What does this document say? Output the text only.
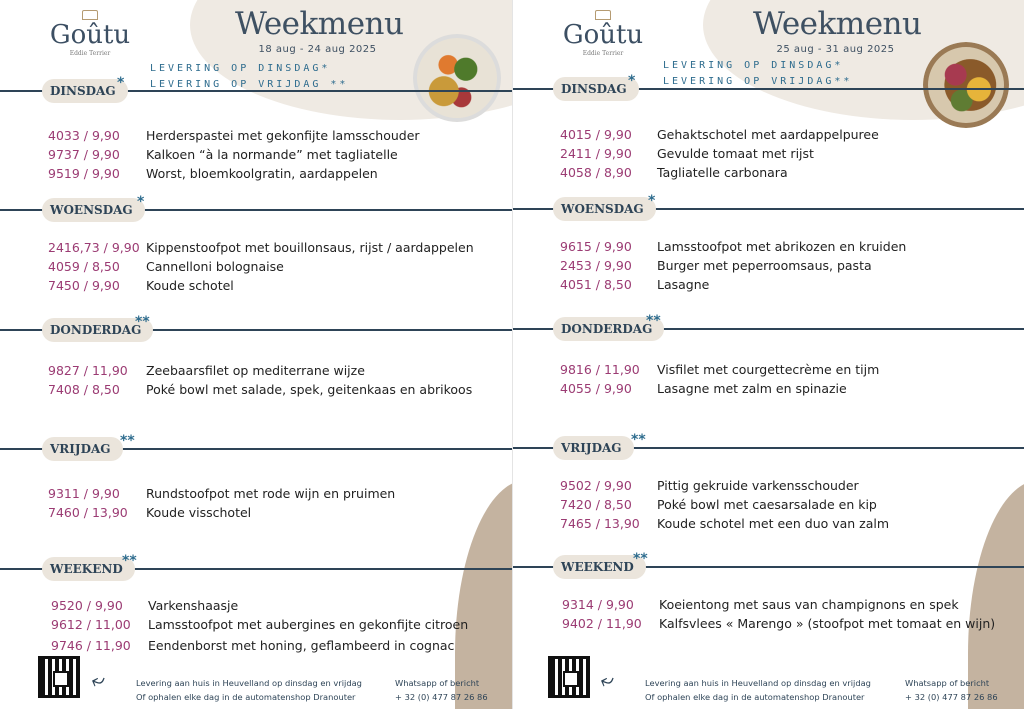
Goûtu
Eddie Terrier
Weekmenu
18 aug - 24 aug 2025
LEVERING OP DINSDAG*
LEVERING OP VRIJDAG **
DINSDAG *
4033 / 9,90 Herderspastei met gekonfijte lamsschouder
9737 / 9,90 Kalkoen “à la normande” met tagliatelle
9519 / 9,90 Worst, bloemkoolgratin, aardappelen
WOENSDAG *
2416,73 / 9,90 Kippenstoofpot met bouillonsaus, rijst / aardappelen
4059 / 8,50 Cannelloni bolognaise
7450 / 9,90 Koude schotel
DONDERDAG
**
9827 / 11,90 Zeebaarsfilet op mediterrane wijze
7408 / 8,50 Poké bowl met salade, spek, geitenkaas en abrikoos
VRIJDAG **
9311 / 9,90 Rundstoofpot met rode wijn en pruimen
7460 / 13,90 Koude visschotel
WEEKEND **
9520 / 9,90 Varkenshaasje
9612 / 11,00 Lamsstoofpot met aubergines en gekonfijte citroen
9746 / 11,90 Eendenborst met honing, geflambeerd in cognac
⤶	Levering aan huis in Heuvelland op dinsdag en vrijdag
Of ophalen elke dag in de automatenshop Dranouter
Whatsapp of bericht
+ 32 (0) 477 87 26 86
Goûtu
Eddie Terrier
Weekmenu
25 aug - 31 aug 2025
LEVERING OP DINSDAG*
LEVERING OP VRIJDAG**
DINSDAG *
4015 / 9,90 Gehaktschotel met aardappelpuree
2411 / 9,90 Gevulde tomaat met rijst
4058 / 8,90 Tagliatelle carbonara
WOENSDAG *
9615 / 9,90 Lamsstoofpot met abrikozen en kruiden
2453 / 9,90 Burger met peperroomsaus, pasta
4051 / 8,50 Lasagne
DONDERDAG
**
9816 / 11,90 Visfilet met courgettecrème en tijm
4055 / 9,90 Lasagne met zalm en spinazie
VRIJDAG **
9502 / 9,90 Pittig gekruide varkensschouder
7420 / 8,50 Poké bowl met caesarsalade en kip
7465 / 13,90 Koude schotel met een duo van zalm
WEEKEND **
9314 / 9,90 Koeientong met saus van champignons en spek
9402 / 11,90 Kalfsvlees « Marengo » (stoofpot met tomaat en wijn)
⤶	Levering aan huis in Heuvelland op dinsdag en vrijdag
Of ophalen elke dag in de automatenshop Dranouter
Whatsapp of bericht
+ 32 (0) 477 87 26 86
